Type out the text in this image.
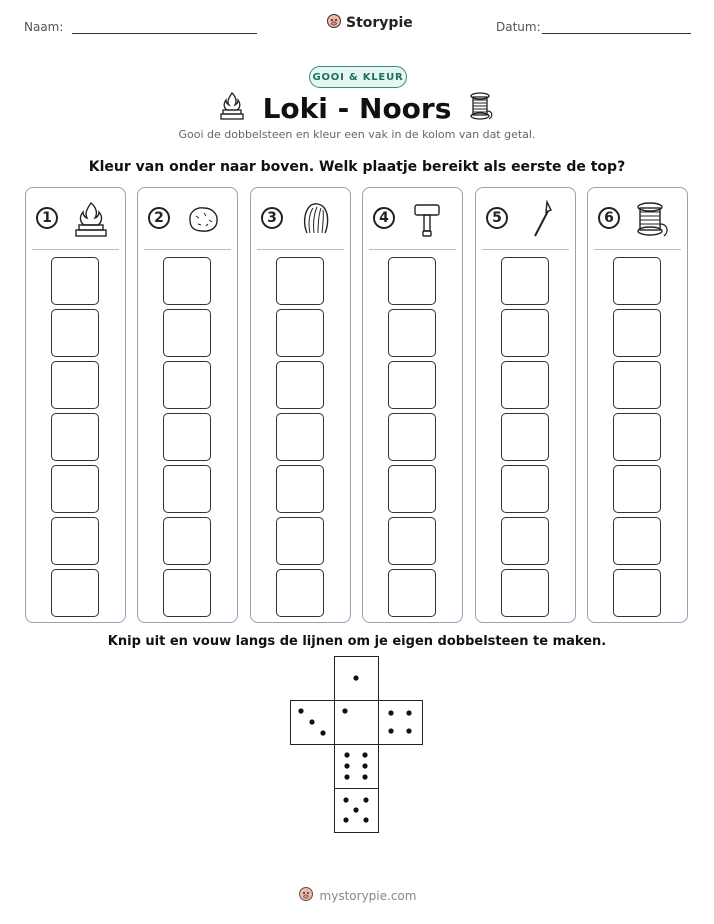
Naam:	Storypie	Datum:
GOOI & KLEUR
Loki - Noors
Gooi de dobbelsteen en kleur een vak in de kolom van dat getal.
Kleur van onder naar boven. Welk plaatje bereikt als eerste de top?
1	2	3	4	5	6
Knip uit en vouw langs de lijnen om je eigen dobbelsteen te maken.
mystorypie.com
